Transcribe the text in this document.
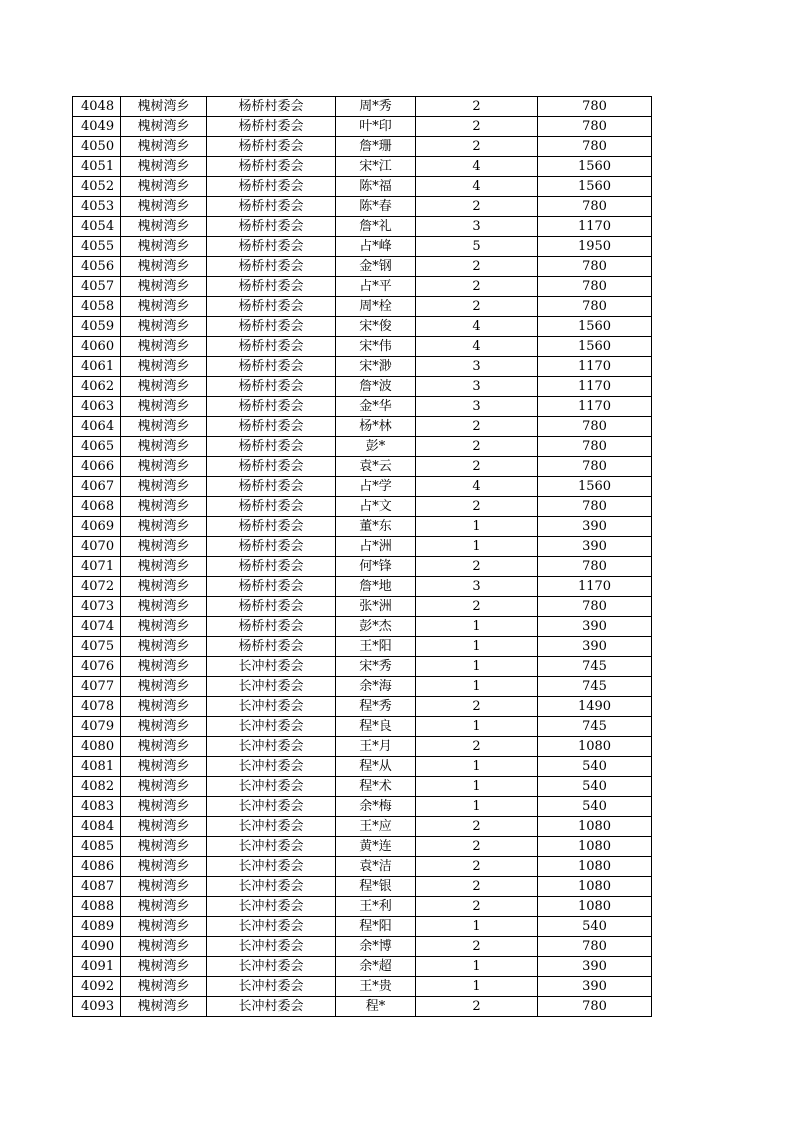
4048	槐树湾乡	杨桥村委会	周*秀	2	780
4049	槐树湾乡	杨桥村委会	叶*印	2	780
4050	槐树湾乡	杨桥村委会	詹*珊	2	780
4051	槐树湾乡	杨桥村委会	宋*江	4	1560
4052	槐树湾乡	杨桥村委会	陈*福	4	1560
4053	槐树湾乡	杨桥村委会	陈*春	2	780
4054	槐树湾乡	杨桥村委会	詹*礼	3	1170
4055	槐树湾乡	杨桥村委会	占*峰	5	1950
4056	槐树湾乡	杨桥村委会	金*钢	2	780
4057	槐树湾乡	杨桥村委会	占*平	2	780
4058	槐树湾乡	杨桥村委会	周*栓	2	780
4059	槐树湾乡	杨桥村委会	宋*俊	4	1560
4060	槐树湾乡	杨桥村委会	宋*伟	4	1560
4061	槐树湾乡	杨桥村委会	宋*渺	3	1170
4062	槐树湾乡	杨桥村委会	詹*波	3	1170
4063	槐树湾乡	杨桥村委会	金*华	3	1170
4064	槐树湾乡	杨桥村委会	杨*林	2	780
4065	槐树湾乡	杨桥村委会	彭*	2	780
4066	槐树湾乡	杨桥村委会	袁*云	2	780
4067	槐树湾乡	杨桥村委会	占*学	4	1560
4068	槐树湾乡	杨桥村委会	占*文	2	780
4069	槐树湾乡	杨桥村委会	董*东	1	390
4070	槐树湾乡	杨桥村委会	占*洲	1	390
4071	槐树湾乡	杨桥村委会	何*锋	2	780
4072	槐树湾乡	杨桥村委会	詹*地	3	1170
4073	槐树湾乡	杨桥村委会	张*洲	2	780
4074	槐树湾乡	杨桥村委会	彭*杰	1	390
4075	槐树湾乡	杨桥村委会	王*阳	1	390
4076	槐树湾乡	长冲村委会	宋*秀	1	745
4077	槐树湾乡	长冲村委会	余*海	1	745
4078	槐树湾乡	长冲村委会	程*秀	2	1490
4079	槐树湾乡	长冲村委会	程*良	1	745
4080	槐树湾乡	长冲村委会	王*月	2	1080
4081	槐树湾乡	长冲村委会	程*从	1	540
4082	槐树湾乡	长冲村委会	程*术	1	540
4083	槐树湾乡	长冲村委会	余*梅	1	540
4084	槐树湾乡	长冲村委会	王*应	2	1080
4085	槐树湾乡	长冲村委会	黄*连	2	1080
4086	槐树湾乡	长冲村委会	袁*洁	2	1080
4087	槐树湾乡	长冲村委会	程*银	2	1080
4088	槐树湾乡	长冲村委会	王*利	2	1080
4089	槐树湾乡	长冲村委会	程*阳	1	540
4090	槐树湾乡	长冲村委会	余*博	2	780
4091	槐树湾乡	长冲村委会	余*超	1	390
4092	槐树湾乡	长冲村委会	王*贵	1	390
4093	槐树湾乡	长冲村委会	程*	2	780
